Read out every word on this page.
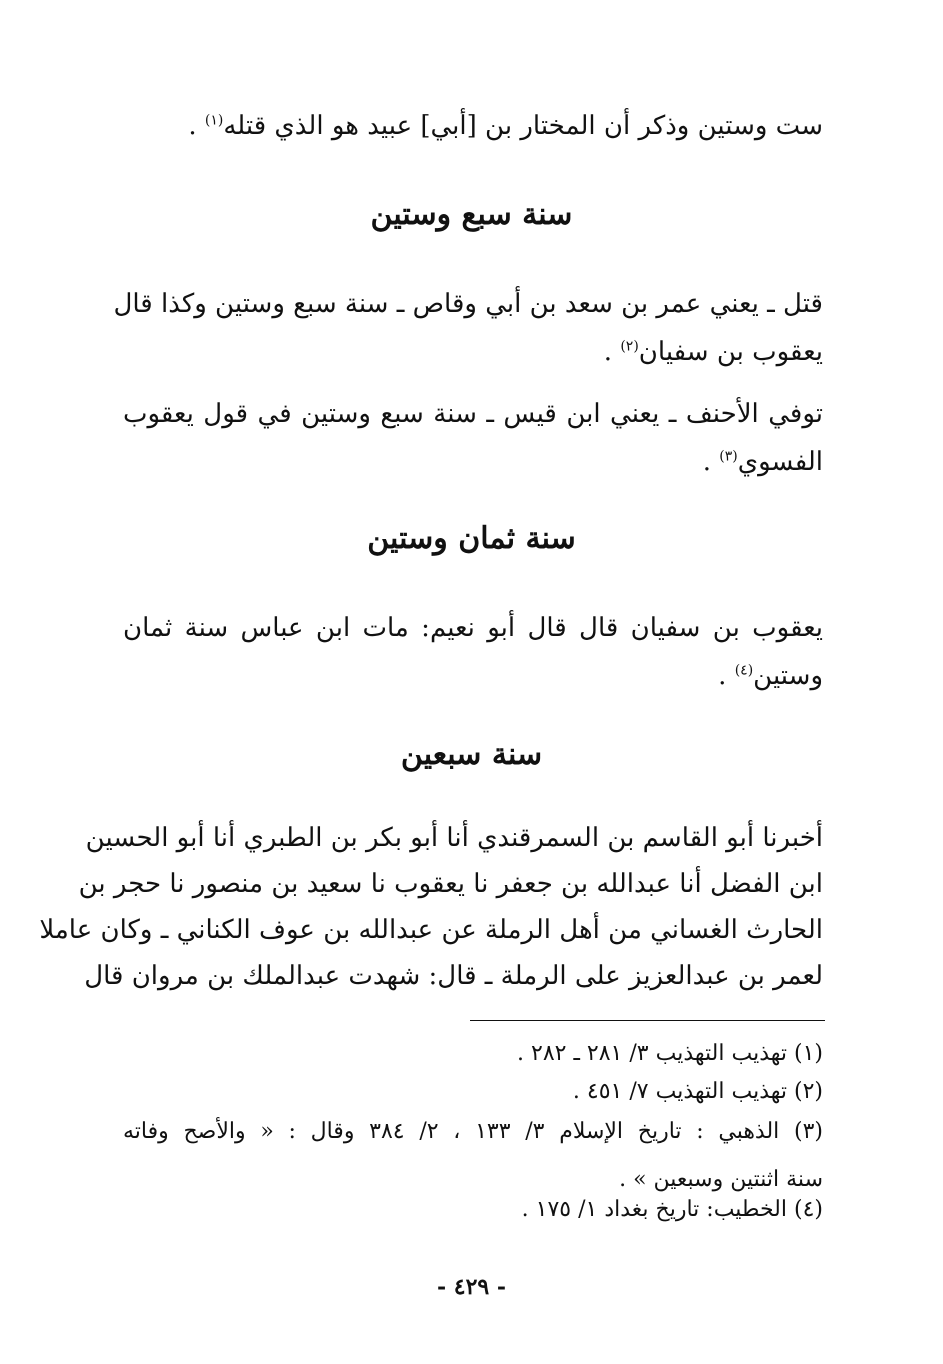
ست وستين وذكر أن المختار بن [أبي] عبيد هو الذي قتله$^{(١)}$ .
سنة سبع وستين
قتل ـ يعني عمر بن سعد بن أبي وقاص ـ سنة سبع وستين وكذا قال
يعقوب بن سفيان$^{(٢)}$ .
توفي الأحنف ـ يعني ابن قيس ـ سنة سبع وستين في قول يعقوب
الفسوي$^{(٣)}$ .
سنة ثمان وستين
يعقوب بن سفيان قال قال أبو نعيم: مات ابن عباس سنة ثمان
وستين$^{(٤)}$ .
سنة سبعين
أخبرنا أبو القاسم بن السمرقندي أنا أبو بكر بن الطبري أنا أبو الحسين
ابن الفضل أنا عبدالله بن جعفر نا يعقوب نا سعيد بن منصور نا حجر بن
الحارث الغساني من أهل الرملة عن عبدالله بن عوف الكناني ـ وكان عاملا
لعمر بن عبدالعزيز على الرملة ـ قال: شهدت عبدالملك بن مروان قال
(١) تهذيب التهذيب ٣/ ٢٨١ ـ ٢٨٢ .
(٢) تهذيب التهذيب ٧/ ٤٥١ .
(٣) الذهبي : تاريخ الإسلام ٣/ ١٣٣ ، ٢/ ٣٨٤ وقال : « والأصح وفاته
سنة اثنتين وسبعين » .
(٤) الخطيب: تاريخ بغداد ١/ ١٧٥ .
- ٤٢٩ -
